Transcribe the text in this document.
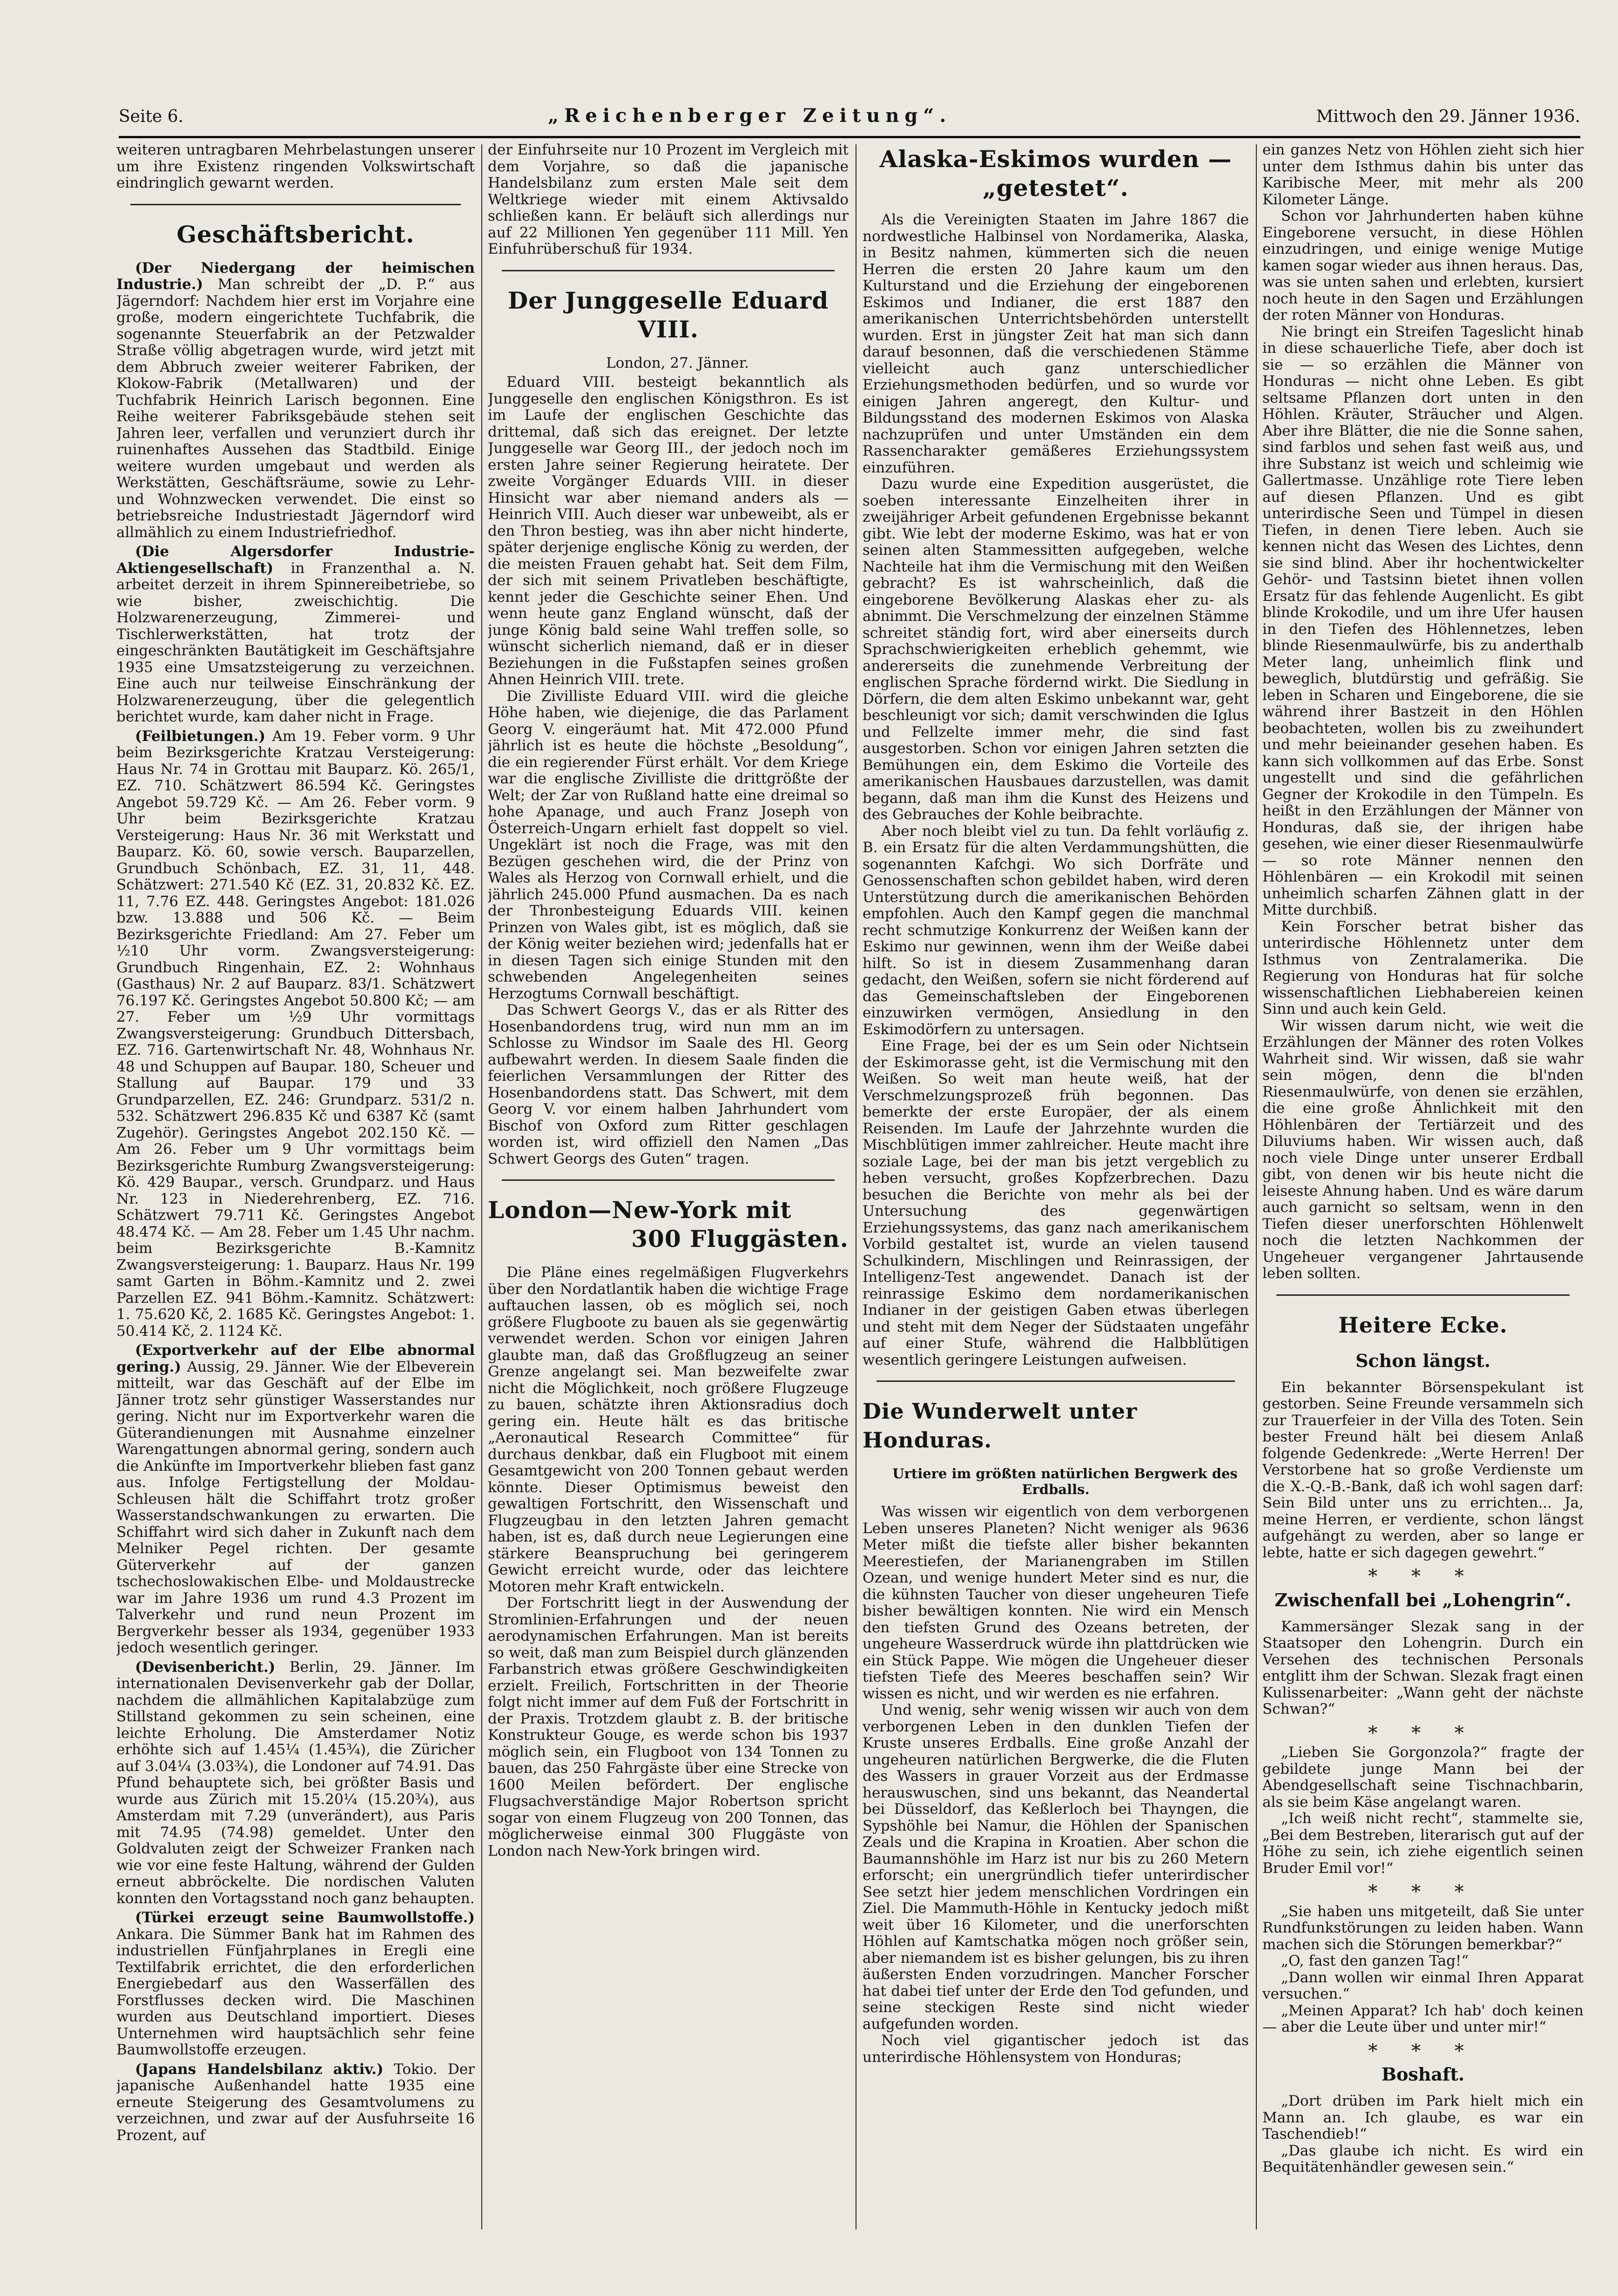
Seite 6.	„Reichenberger Zeitung“.	Mittwoch den 29. Jänner 1936.

weiteren untragbaren Mehrbelastungen unserer um ihre Existenz ringenden Volkswirtschaft eindringlich gewarnt werden.

Geschäftsbericht.

(Der Niedergang der heimischen Industrie.) Man schreibt der „D. P.“ aus Jägerndorf: Nachdem hier erst im Vorjahre eine große, modern eingerichtete Tuchfabrik, die sogenannte Steuerfabrik an der Petzwalder Straße völlig abgetragen wurde, wird jetzt mit dem Abbruch zweier weiterer Fabriken, der Klokow-Fabrik (Metallwaren) und der Tuchfabrik Heinrich Larisch begonnen. Eine Reihe weiterer Fabriksgebäude stehen seit Jahren leer, verfallen und verunziert durch ihr ruinenhaftes Aussehen das Stadtbild. Einige weitere wurden umgebaut und werden als Werkstätten, Geschäftsräume, sowie zu Lehr- und Wohnzwecken verwendet. Die einst so betriebsreiche Industriestadt Jägerndorf wird allmählich zu einem Industriefriedhof.

(Die Algersdorfer Industrie-Aktiengesellschaft) in Franzenthal a. N. arbeitet derzeit in ihrem Spinnereibetriebe, so wie bisher, zweischichtig. Die Holzwarenerzeugung, Zimmerei- und Tischlerwerkstätten, hat trotz der eingeschränkten Bautätigkeit im Geschäftsjahre 1935 eine Umsatzsteigerung zu verzeichnen. Eine auch nur teilweise Einschränkung der Holzwarenerzeugung, über die gelegentlich berichtet wurde, kam daher nicht in Frage.

(Feilbietungen.) Am 19. Feber vorm. 9 Uhr beim Bezirksgerichte Kratzau Versteigerung: Haus Nr. 74 in Grottau mit Bauparz. Kö. 265/1, EZ. 710. Schätzwert 86.594 Kč. Geringstes Angebot 59.729 Kč. — Am 26. Feber vorm. 9 Uhr beim Bezirksgerichte Kratzau Versteigerung: Haus Nr. 36 mit Werkstatt und Bauparz. Kö. 60, sowie versch. Bauparzellen, Grundbuch Schönbach, EZ. 31, 11, 448. Schätzwert: 271.540 Kč (EZ. 31, 20.832 Kč. EZ. 11, 7.76 EZ. 448. Geringstes Angebot: 181.026 bzw. 13.888 und 506 Kč. — Beim Bezirksgerichte Friedland: Am 27. Feber um ½10 Uhr vorm. Zwangsversteigerung: Grundbuch Ringenhain, EZ. 2: Wohnhaus (Gasthaus) Nr. 2 auf Bauparz. 83/1. Schätzwert 76.197 Kč. Geringstes Angebot 50.800 Kč; — am 27. Feber um ½9 Uhr vormittags Zwangsversteigerung: Grundbuch Dittersbach, EZ. 716. Gartenwirtschaft Nr. 48, Wohnhaus Nr. 48 und Schuppen auf Baupar. 180, Scheuer und Stallung auf Baupar. 179 und 33 Grundparzellen, EZ. 246: Grundparz. 531/2 n. 532. Schätzwert 296.835 Kč und 6387 Kč (samt Zugehör). Geringstes Angebot 202.150 Kč. — Am 26. Feber um 9 Uhr vormittags beim Bezirksgerichte Rumburg Zwangsversteigerung: Kö. 429 Baupar., versch. Grundparz. und Haus Nr. 123 in Niederehrenberg, EZ. 716. Schätzwert 79.711 Kč. Geringstes Angebot 48.474 Kč. — Am 28. Feber um 1.45 Uhr nachm. beim Bezirksgerichte B.-Kamnitz Zwangsversteigerung: 1. Bauparz. Haus Nr. 199 samt Garten in Böhm.-Kamnitz und 2. zwei Parzellen EZ. 941 Böhm.-Kamnitz. Schätzwert: 1. 75.620 Kč, 2. 1685 Kč. Geringstes Angebot: 1. 50.414 Kč, 2. 1124 Kč.

(Exportverkehr auf der Elbe abnormal gering.) Aussig, 29. Jänner. Wie der Elbeverein mitteilt, war das Geschäft auf der Elbe im Jänner trotz sehr günstiger Wasserstandes nur gering. Nicht nur im Exportverkehr waren die Güterandienungen mit Ausnahme einzelner Warengattungen abnormal gering, sondern auch die Ankünfte im Importverkehr blieben fast ganz aus. Infolge Fertigstellung der Moldau-Schleusen hält die Schiffahrt trotz großer Wasserstandschwankungen zu erwarten. Die Schiffahrt wird sich daher in Zukunft nach dem Melniker Pegel richten. Der gesamte Güterverkehr auf der ganzen tschechoslowakischen Elbe- und Moldaustrecke war im Jahre 1936 um rund 4.3 Prozent im Talverkehr und rund neun Prozent im Bergverkehr besser als 1934, gegenüber 1933 jedoch wesentlich geringer.

(Devisenbericht.) Berlin, 29. Jänner. Im internationalen Devisenverkehr gab der Dollar, nachdem die allmählichen Kapitalabzüge zum Stillstand gekommen zu sein scheinen, eine leichte Erholung. Die Amsterdamer Notiz erhöhte sich auf 1.45¼ (1.45¾), die Züricher auf 3.04¼ (3.03¾), die Londoner auf 74.91. Das Pfund behauptete sich, bei größter Basis und wurde aus Zürich mit 15.20¼ (15.20¾), aus Amsterdam mit 7.29 (unverändert), aus Paris mit 74.95 (74.98) gemeldet. Unter den Goldvaluten zeigt der Schweizer Franken nach wie vor eine feste Haltung, während der Gulden erneut abbröckelte. Die nordischen Valuten konnten den Vortagsstand noch ganz behaupten.

(Türkei erzeugt seine Baumwollstoffe.) Ankara. Die Sümmer Bank hat im Rahmen des industriellen Fünfjahrplanes in Eregli eine Textilfabrik errichtet, die den erforderlichen Energiebedarf aus den Wasserfällen des Forstflusses decken wird. Die Maschinen wurden aus Deutschland importiert. Dieses Unternehmen wird hauptsächlich sehr feine Baumwollstoffe erzeugen.

(Japans Handelsbilanz aktiv.) Tokio. Der japanische Außenhandel hatte 1935 eine erneute Steigerung des Gesamtvolumens zu verzeichnen, und zwar auf der Ausfuhrseite 16 Prozent, auf

der Einfuhrseite nur 10 Prozent im Vergleich mit dem Vorjahre, so daß die japanische Handelsbilanz zum ersten Male seit dem Weltkriege wieder mit einem Aktivsaldo schließen kann. Er beläuft sich allerdings nur auf 22 Millionen Yen gegenüber 111 Mill. Yen Einfuhrüberschuß für 1934.

Der Junggeselle Eduard VIII.

London, 27. Jänner.

Eduard VIII. besteigt bekanntlich als Junggeselle den englischen Königsthron. Es ist im Laufe der englischen Geschichte das drittemal, daß sich das ereignet. Der letzte Junggeselle war Georg III., der jedoch noch im ersten Jahre seiner Regierung heiratete. Der zweite Vorgänger Eduards VIII. in dieser Hinsicht war aber niemand anders als — Heinrich VIII. Auch dieser war unbeweibt, als er den Thron bestieg, was ihn aber nicht hinderte, später derjenige englische König zu werden, der die meisten Frauen gehabt hat. Seit dem Film, der sich mit seinem Privatleben beschäftigte, kennt jeder die Geschichte seiner Ehen. Und wenn heute ganz England wünscht, daß der junge König bald seine Wahl treffen solle, so wünscht sicherlich niemand, daß er in dieser Beziehungen in die Fußstapfen seines großen Ahnen Heinrich VIII. trete.

Die Zivilliste Eduard VIII. wird die gleiche Höhe haben, wie diejenige, die das Parlament Georg V. eingeräumt hat. Mit 472.000 Pfund jährlich ist es heute die höchste „Besoldung“, die ein regierender Fürst erhält. Vor dem Kriege war die englische Zivilliste die drittgrößte der Welt; der Zar von Rußland hatte eine dreimal so hohe Apanage, und auch Franz Joseph von Österreich-Ungarn erhielt fast doppelt so viel. Ungeklärt ist noch die Frage, was mit den Bezügen geschehen wird, die der Prinz von Wales als Herzog von Cornwall erhielt, und die jährlich 245.000 Pfund ausmachen. Da es nach der Thronbesteigung Eduards VIII. keinen Prinzen von Wales gibt, ist es möglich, daß sie der König weiter beziehen wird; jedenfalls hat er in diesen Tagen sich einige Stunden mit den schwebenden Angelegenheiten seines Herzogtums Cornwall beschäftigt.

Das Schwert Georgs V., das er als Ritter des Hosenbandordens trug, wird nun mm an im Schlosse zu Windsor im Saale des Hl. Georg aufbewahrt werden. In diesem Saale finden die feierlichen Versammlungen der Ritter des Hosenbandordens statt. Das Schwert, mit dem Georg V. vor einem halben Jahrhundert vom Bischof von Oxford zum Ritter geschlagen worden ist, wird offiziell den Namen „Das Schwert Georgs des Guten“ tragen.

London—New-York mit
300 Fluggästen.

Die Pläne eines regelmäßigen Flugverkehrs über den Nordatlantik haben die wichtige Frage auftauchen lassen, ob es möglich sei, noch größere Flugboote zu bauen als sie gegenwärtig verwendet werden. Schon vor einigen Jahren glaubte man, daß das Großflugzeug an seiner Grenze angelangt sei. Man bezweifelte zwar nicht die Möglichkeit, noch größere Flugzeuge zu bauen, schätzte ihren Aktionsradius doch gering ein. Heute hält es das britische „Aeronautical Research Committee“ für durchaus denkbar, daß ein Flugboot mit einem Gesamtgewicht von 200 Tonnen gebaut werden könnte. Dieser Optimismus beweist den gewaltigen Fortschritt, den Wissenschaft und Flugzeugbau in den letzten Jahren gemacht haben, ist es, daß durch neue Legierungen eine stärkere Beanspruchung bei geringerem Gewicht erreicht wurde, oder das leichtere Motoren mehr Kraft entwickeln.

Der Fortschritt liegt in der Auswendung der Stromlinien-Erfahrungen und der neuen aerodynamischen Erfahrungen. Man ist bereits so weit, daß man zum Beispiel durch glänzenden Farbanstrich etwas größere Geschwindigkeiten erzielt. Freilich, Fortschritten in der Theorie folgt nicht immer auf dem Fuß der Fortschritt in der Praxis. Trotzdem glaubt z. B. der britische Konstrukteur Gouge, es werde schon bis 1937 möglich sein, ein Flugboot von 134 Tonnen zu bauen, das 250 Fahrgäste über eine Strecke von 1600 Meilen befördert. Der englische Flugsachverständige Major Robertson spricht sogar von einem Flugzeug von 200 Tonnen, das möglicherweise einmal 300 Fluggäste von London nach New-York bringen wird.

Alaska-Eskimos wurden —
„getestet“.

Als die Vereinigten Staaten im Jahre 1867 die nordwestliche Halbinsel von Nordamerika, Alaska, in Besitz nahmen, kümmerten sich die neuen Herren die ersten 20 Jahre kaum um den Kulturstand und die Erziehung der eingeborenen Eskimos und Indianer, die erst 1887 den amerikanischen Unterrichtsbehörden unterstellt wurden. Erst in jüngster Zeit hat man sich dann darauf besonnen, daß die verschiedenen Stämme vielleicht auch ganz unterschiedlicher Erziehungsmethoden bedürfen, und so wurde vor einigen Jahren angeregt, den Kultur- und Bildungsstand des modernen Eskimos von Alaska nachzuprüfen und unter Umständen ein dem Rassencharakter gemäßeres Erziehungssystem einzuführen.

Dazu wurde eine Expedition ausgerüstet, die soeben interessante Einzelheiten ihrer in zweijähriger Arbeit gefundenen Ergebnisse bekannt gibt. Wie lebt der moderne Eskimo, was hat er von seinen alten Stammessitten aufgegeben, welche Nachteile hat ihm die Vermischung mit den Weißen gebracht? Es ist wahrscheinlich, daß die eingeborene Bevölkerung Alaskas eher zu- als abnimmt. Die Verschmelzung der einzelnen Stämme schreitet ständig fort, wird aber einerseits durch Sprachschwierigkeiten erheblich gehemmt, wie andererseits die zunehmende Verbreitung der englischen Sprache fördernd wirkt. Die Siedlung in Dörfern, die dem alten Eskimo unbekannt war, geht beschleunigt vor sich; damit verschwinden die Iglus und Fellzelte immer mehr, die sind fast ausgestorben. Schon vor einigen Jahren setzten die Bemühungen ein, dem Eskimo die Vorteile des amerikanischen Hausbaues darzustellen, was damit begann, daß man ihm die Kunst des Heizens und des Gebrauches der Kohle beibrachte.

Aber noch bleibt viel zu tun. Da fehlt vorläufig z. B. ein Ersatz für die alten Verdammungshütten, die sogenannten Kafchgi. Wo sich Dorfräte und Genossenschaften schon gebildet haben, wird deren Unterstützung durch die amerikanischen Behörden empfohlen. Auch den Kampf gegen die manchmal recht schmutzige Konkurrenz der Weißen kann der Eskimo nur gewinnen, wenn ihm der Weiße dabei hilft. So ist in diesem Zusammenhang daran gedacht, den Weißen, sofern sie nicht förderend auf das Gemeinschaftsleben der Eingeborenen einzuwirken vermögen, Ansiedlung in den Eskimodörfern zu untersagen.

Eine Frage, bei der es um Sein oder Nichtsein der Eskimorasse geht, ist die Vermischung mit den Weißen. So weit man heute weiß, hat der Verschmelzungsprozeß früh begonnen. Das bemerkte der erste Europäer, der als einem Reisenden. Im Laufe der Jahrzehnte wurden die Mischblütigen immer zahlreicher. Heute macht ihre soziale Lage, bei der man bis jetzt vergeblich zu heben versucht, großes Kopfzerbrechen. Dazu besuchen die Berichte von mehr als bei der Untersuchung des gegenwärtigen Erziehungssystems, das ganz nach amerikanischem Vorbild gestaltet ist, wurde an vielen tausend Schulkindern, Mischlingen und Reinrassigen, der Intelligenz-Test angewendet. Danach ist der reinrassige Eskimo dem nordamerikanischen Indianer in der geistigen Gaben etwas überlegen und steht mit dem Neger der Südstaaten ungefähr auf einer Stufe, während die Halbblütigen wesentlich geringere Leistungen aufweisen.

Die Wunderwelt unter Honduras.

Urtiere im größten natürlichen Bergwerk des Erdballs.

Was wissen wir eigentlich von dem verborgenen Leben unseres Planeten? Nicht weniger als 9636 Meter mißt die tiefste aller bisher bekannten Meerestiefen, der Marianengraben im Stillen Ozean, und wenige hundert Meter sind es nur, die die kühnsten Taucher von dieser ungeheuren Tiefe bisher bewältigen konnten. Nie wird ein Mensch den tiefsten Grund des Ozeans betreten, der ungeheure Wasserdruck würde ihn plattdrücken wie ein Stück Pappe. Wie mögen die Ungeheuer dieser tiefsten Tiefe des Meeres beschaffen sein? Wir wissen es nicht, und wir werden es nie erfahren.

Und wenig, sehr wenig wissen wir auch von dem verborgenen Leben in den dunklen Tiefen der Kruste unseres Erdballs. Eine große Anzahl der ungeheuren natürlichen Bergwerke, die die Fluten des Wassers in grauer Vorzeit aus der Erdmasse herauswuschen, sind uns bekannt, das Neandertal bei Düsseldorf, das Keßlerloch bei Thayngen, die Sypshöhle bei Namur, die Höhlen der Spanischen Zeals und die Krapina in Kroatien. Aber schon die Baumannshöhle im Harz ist nur bis zu 260 Metern erforscht; ein unergründlich tiefer unterirdischer See setzt hier jedem menschlichen Vordringen ein Ziel. Die Mammuth-Höhle in Kentucky jedoch mißt weit über 16 Kilometer, und die unerforschten Höhlen auf Kamtschatka mögen noch größer sein, aber niemandem ist es bisher gelungen, bis zu ihren äußersten Enden vorzudringen. Mancher Forscher hat dabei tief unter der Erde den Tod gefunden, und seine steckigen Reste sind nicht wieder aufgefunden worden.

Noch viel gigantischer jedoch ist das unterirdische Höhlensystem von Honduras;

ein ganzes Netz von Höhlen zieht sich hier unter dem Isthmus dahin bis unter das Karibische Meer, mit mehr als 200 Kilometer Länge.

Schon vor Jahrhunderten haben kühne Eingeborene versucht, in diese Höhlen einzudringen, und einige wenige Mutige kamen sogar wieder aus ihnen heraus. Das, was sie unten sahen und erlebten, kursiert noch heute in den Sagen und Erzählungen der roten Männer von Honduras.

Nie bringt ein Streifen Tageslicht hinab in diese schauerliche Tiefe, aber doch ist sie — so erzählen die Männer von Honduras — nicht ohne Leben. Es gibt seltsame Pflanzen dort unten in den Höhlen. Kräuter, Sträucher und Algen. Aber ihre Blätter, die nie die Sonne sahen, sind farblos und sehen fast weiß aus, und ihre Substanz ist weich und schleimig wie Gallertmasse. Unzählige rote Tiere leben auf diesen Pflanzen. Und es gibt unterirdische Seen und Tümpel in diesen Tiefen, in denen Tiere leben. Auch sie kennen nicht das Wesen des Lichtes, denn sie sind blind. Aber ihr hochentwickelter Gehör- und Tastsinn bietet ihnen vollen Ersatz für das fehlende Augenlicht. Es gibt blinde Krokodile, und um ihre Ufer hausen in den Tiefen des Höhlennetzes, leben blinde Riesenmaulwürfe, bis zu anderthalb Meter lang, unheimlich flink und beweglich, blutdürstig und gefräßig. Sie leben in Scharen und Eingeborene, die sie während ihrer Bastzeit in den Höhlen beobachteten, wollen bis zu zweihundert und mehr beieinander gesehen haben. Es kann sich vollkommen auf das Erbe. Sonst ungestellt und sind die gefährlichen Gegner der Krokodile in den Tümpeln. Es heißt in den Erzählungen der Männer von Honduras, daß sie, der ihrigen habe gesehen, wie einer dieser Riesenmaulwürfe — so rote Männer nennen den Höhlenbären — ein Krokodil mit seinen unheimlich scharfen Zähnen glatt in der Mitte durchbiß.

Kein Forscher betrat bisher das unterirdische Höhlennetz unter dem Isthmus von Zentralamerika. Die Regierung von Honduras hat für solche wissenschaftlichen Liebhabereien keinen Sinn und auch kein Geld.

Wir wissen darum nicht, wie weit die Erzählungen der Männer des roten Volkes Wahrheit sind. Wir wissen, daß sie wahr sein mögen, denn die bl'nden Riesenmaulwürfe, von denen sie erzählen, die eine große Ähnlichkeit mit den Höhlenbären der Tertiärzeit und des Diluviums haben. Wir wissen auch, daß noch viele Dinge unter unserer Erdball gibt, von denen wir bis heute nicht die leiseste Ahnung haben. Und es wäre darum auch garnicht so seltsam, wenn in den Tiefen dieser unerforschten Höhlenwelt noch die letzten Nachkommen der Ungeheuer vergangener Jahrtausende leben sollten.

Heitere Ecke.
Schon längst.

Ein bekannter Börsenspekulant ist gestorben. Seine Freunde versammeln sich zur Trauerfeier in der Villa des Toten. Sein bester Freund hält bei diesem Anlaß folgende Gedenkrede: „Werte Herren! Der Verstorbene hat so große Verdienste um die X.-Q.-B.-Bank, daß ich wohl sagen darf: Sein Bild unter uns zu errichten... Ja, meine Herren, er verdiente, schon längst aufgehängt zu werden, aber so lange er lebte, hatte er sich dagegen gewehrt.“

* * *
Zwischenfall bei „Lohengrin“.

Kammersänger Slezak sang in der Staatsoper den Lohengrin. Durch ein Versehen des technischen Personals entglitt ihm der Schwan. Slezak fragt einen Kulissenarbeiter: „Wann geht der nächste Schwan?“

* * *

„Lieben Sie Gorgonzola?“ fragte der gebildete junge Mann bei der Abendgesellschaft seine Tischnachbarin, als sie beim Käse angelangt waren.

„Ich weiß nicht recht“, stammelte sie, „Bei dem Bestreben, literarisch gut auf der Höhe zu sein, ich ziehe eigentlich seinen Bruder Emil vor!“

* * *

„Sie haben uns mitgeteilt, daß Sie unter Rundfunkstörungen zu leiden haben. Wann machen sich die Störungen bemerkbar?“

„O, fast den ganzen Tag!“

„Dann wollen wir einmal Ihren Apparat versuchen.“

„Meinen Apparat? Ich hab' doch keinen — aber die Leute über und unter mir!“

* * *
Boshaft.

„Dort drüben im Park hielt mich ein Mann an. Ich glaube, es war ein Taschendieb!“

„Das glaube ich nicht. Es wird ein Bequitätenhändler gewesen sein.“
